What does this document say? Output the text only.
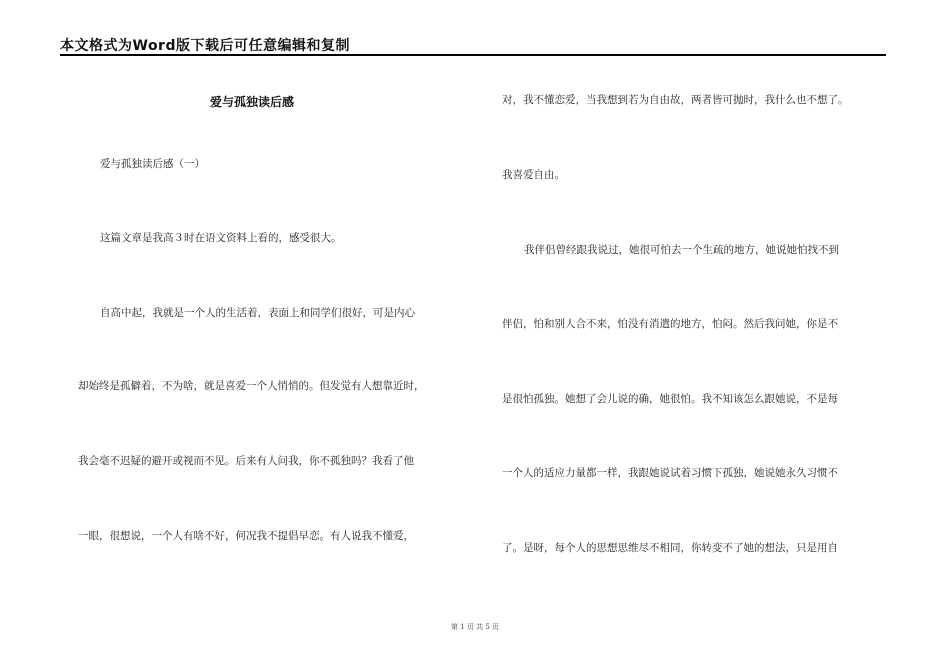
本文格式为Word版下载后可任意编辑和复制
爱与孤独读后感
爱与孤独读后感（一）
这篇文章是我高３时在语文资料上看的，感受很大。
自高中起，我就是一个人的生活着，表面上和同学们很好，可是内心
却始终是孤僻着，不为啥，就是喜爱一个人悄悄的。但发觉有人想靠近时，
我会毫不迟疑的避开或视而不见。后来有人问我，你不孤独吗？我看了他
一眼，很想说，一个人有啥不好，何况我不提倡早恋。有人说我不懂爱，
对，我不懂恋爱，当我想到若为自由故，两者皆可抛时，我什么也不想了。
我喜爱自由。
我伴侣曾经跟我说过，她很可怕去一个生疏的地方，她说她怕找不到
伴侣，怕和别人合不来，怕没有消遣的地方，怕闷。然后我问她，你是不
是很怕孤独。她想了会儿说的确，她很怕。我不知该怎么跟她说，不是每
一个人的适应力量都一样，我跟她说试着习惯下孤独，她说她永久习惯不
了。是呀，每个人的思想思维尽不相同，你转变不了她的想法，只是用自
第 1 页 共 5 页
